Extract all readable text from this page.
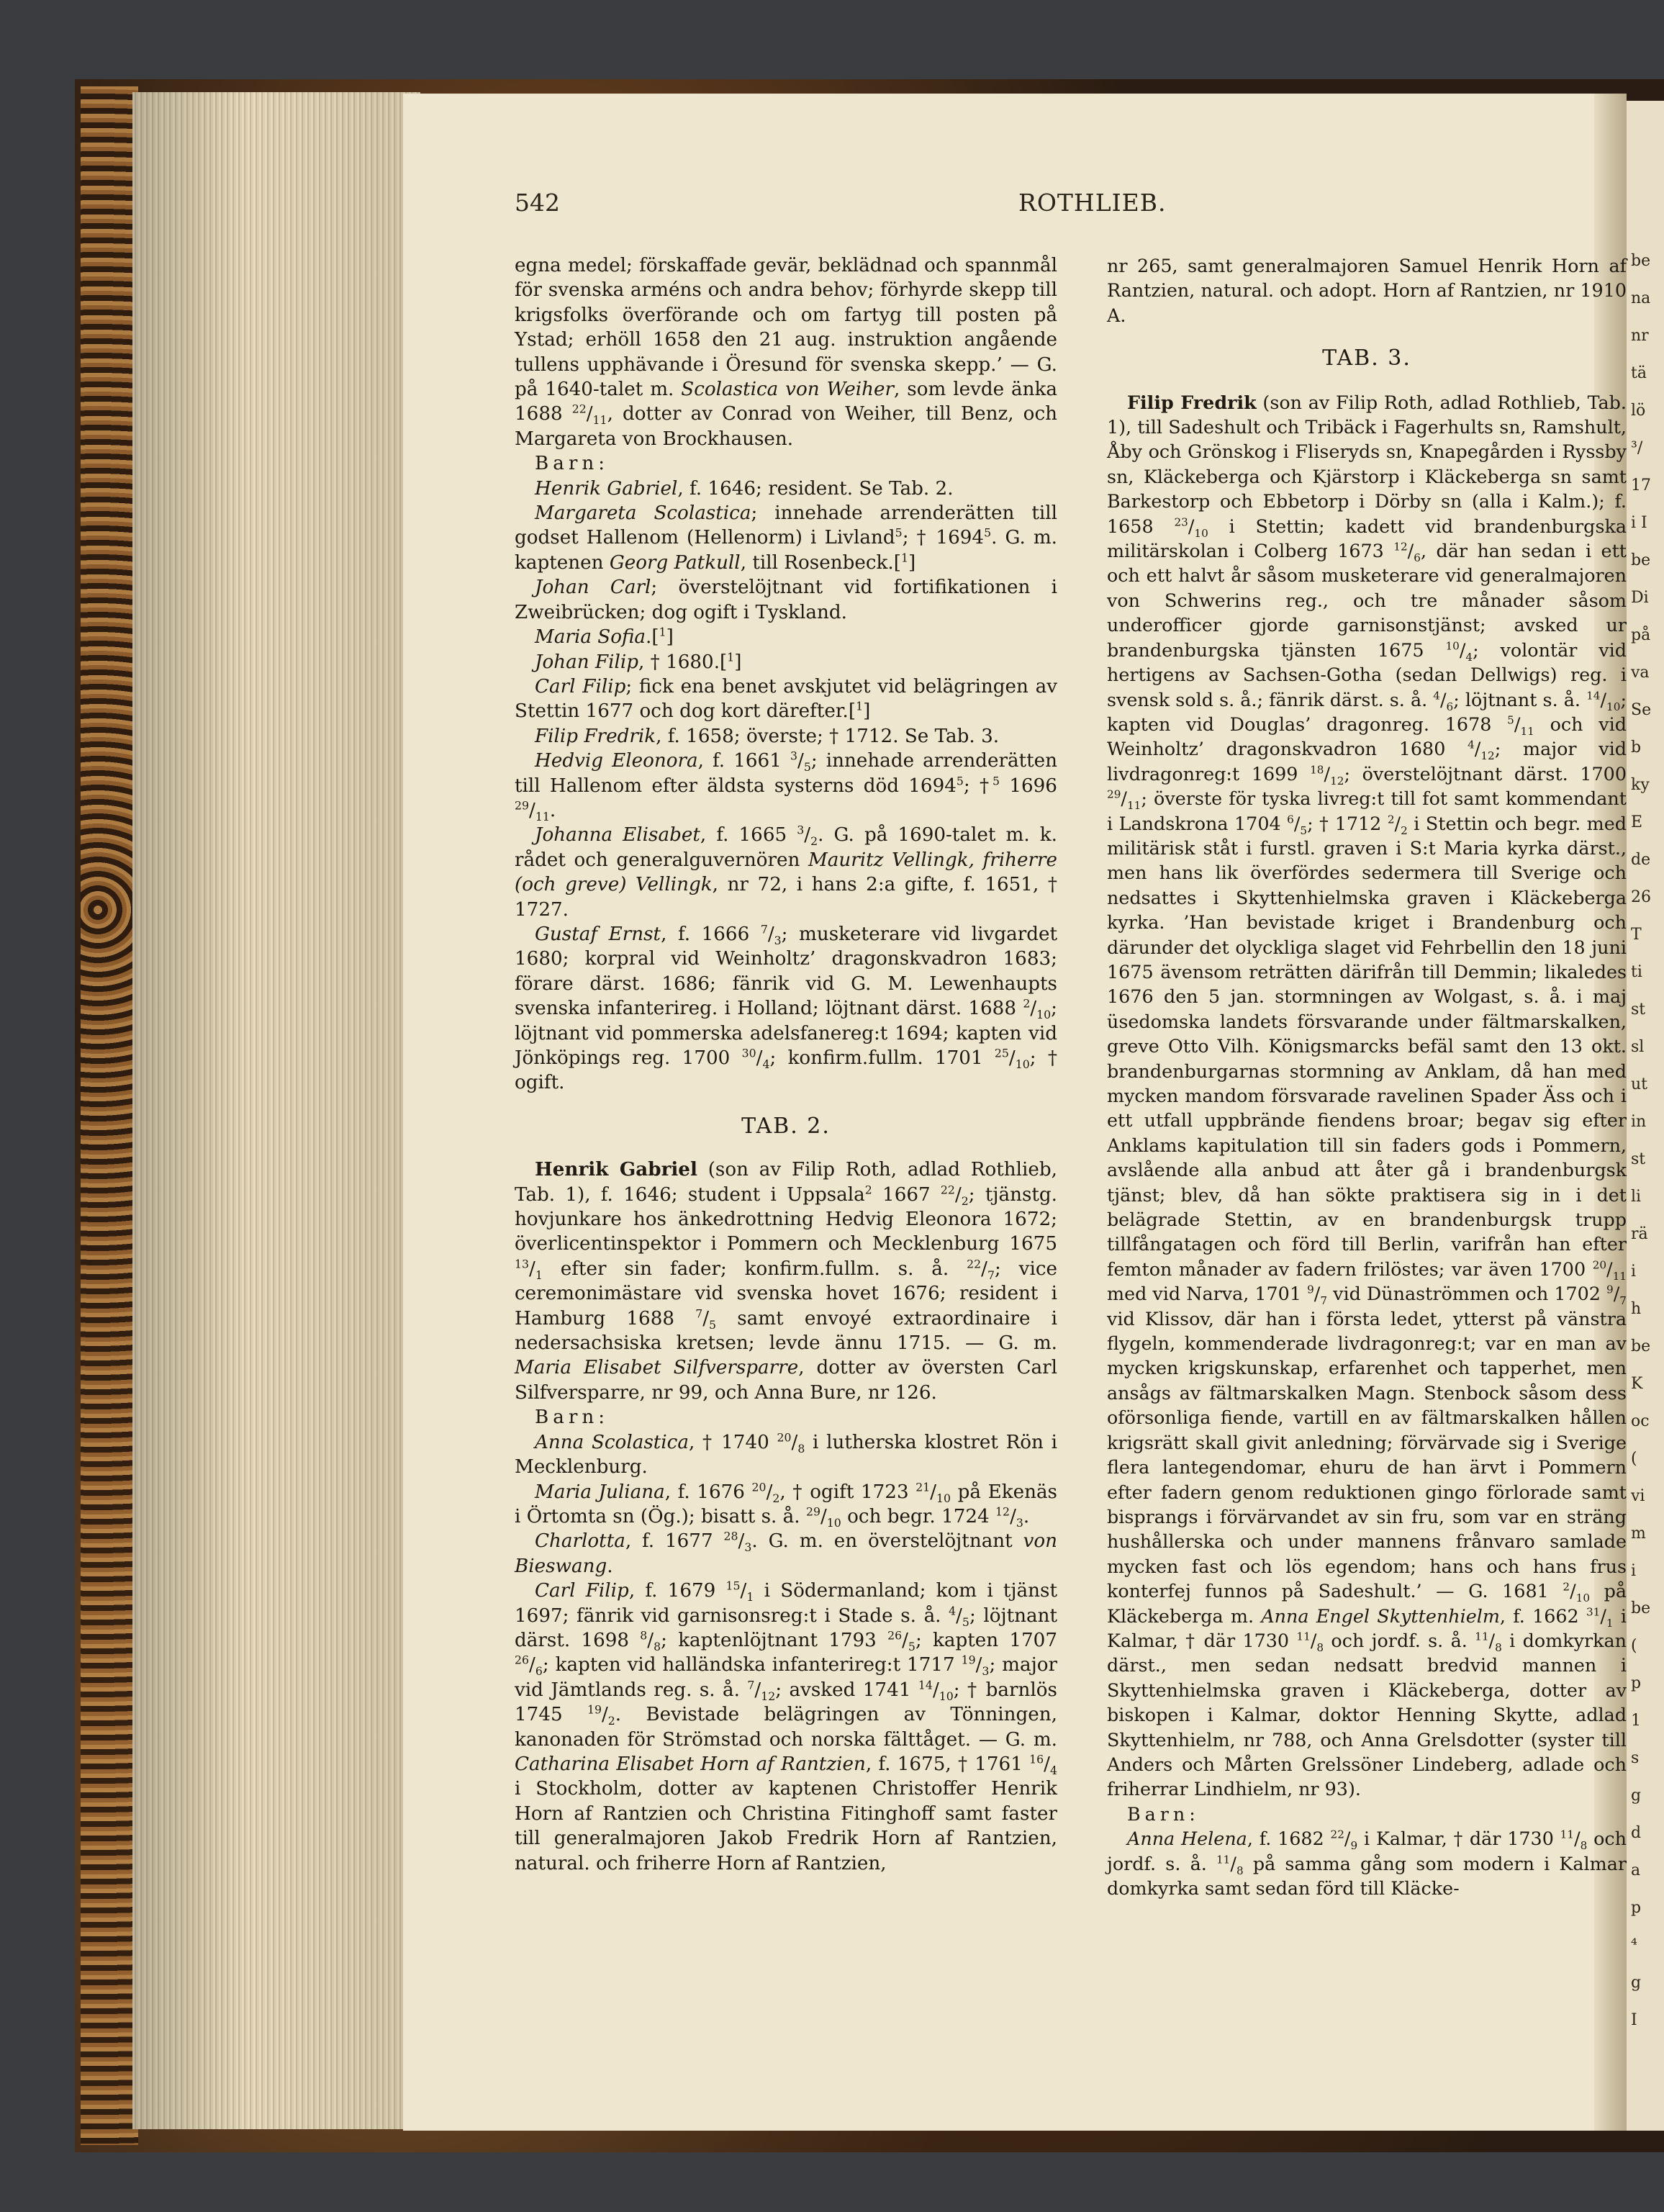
be
na
nr
tä
lö
³/
17
i I
be
Di
på
va
Se
b
ky
E
de
26
T
ti
st
sl
ut
in
st
li
rä
i
h
be
K
oc
(
vi
m
i
be
(
p
1
s
g
d
a
p
⁴
g
I
542	ROTHLIEB.

egna medel; förskaffade gevär, beklädnad och spannmål för svenska arméns och andra behov; förhyrde skepp till krigsfolks överförande och om fartyg till posten på Ystad; erhöll 1658 den 21 aug. instruktion angående tullens upphävande i Öresund för svenska skepp.’ — G. på 1640-talet m. Scolastica von Weiher, som levde änka 1688 $^{22}/_{11}$, dotter av Conrad von Weiher, till Benz, och Margareta von Brockhausen.

Barn:

Henrik Gabriel, f. 1646; resident. Se Tab. 2.

Margareta Scolastica; innehade arrenderätten till godset Hallenom (Hellenorm) i Livland$^5$; † 1694$^5$. G. m. kaptenen Georg Patkull, till Rosenbeck.[$^1$]

Johan Carl; överstelöjtnant vid fortifikationen i Zweibrücken; dog ogift i Tyskland.

Maria Sofia.[$^1$]

Johan Filip, † 1680.[$^1$]

Carl Filip; fick ena benet avskjutet vid belägringen av Stettin 1677 och dog kort därefter.[$^1$]

Filip Fredrik, f. 1658; överste; † 1712. Se Tab. 3.

Hedvig Eleonora, f. 1661 $^3/_5$; innehade arrenderätten till Hallenom efter äldsta systerns död 1694$^5$; †$^5$ 1696 $^{29}/_{11}$.

Johanna Elisabet, f. 1665 $^3/_2$. G. på 1690-talet m. k. rådet och generalguvernören Mauritz Vellingk, friherre (och greve) Vellingk, nr 72, i hans 2:a gifte, f. 1651, † 1727.

Gustaf Ernst, f. 1666 $^7/_3$; musketerare vid livgardet 1680; korpral vid Weinholtz’ dragonskvadron 1683; förare därst. 1686; fänrik vid G. M. Lewenhaupts svenska infanterireg. i Holland; löjtnant därst. 1688 $^2/_{10}$; löjtnant vid pommerska adelsfanereg:t 1694; kapten vid Jönköpings reg. 1700 $^{30}/_4$; konfirm.fullm. 1701 $^{25}/_{10}$; † ogift.

TAB. 2.

Henrik Gabriel (son av Filip Roth, adlad Rothlieb, Tab. 1), f. 1646; student i Uppsala$^2$ 1667 $^{22}/_2$; tjänstg. hovjunkare hos änkedrottning Hedvig Eleonora 1672; överlicentinspektor i Pommern och Mecklenburg 1675 $^{13}/_1$ efter sin fader; konfirm.fullm. s. å. $^{22}/_7$; vice ceremonimästare vid svenska hovet 1676; resident i Hamburg 1688 $^7/_5$ samt envoyé extraordinaire i nedersachsiska kretsen; levde ännu 1715. — G. m. Maria Elisabet Silfversparre, dotter av översten Carl Silfversparre, nr 99, och Anna Bure, nr 126.

Barn:

Anna Scolastica, † 1740 $^{20}/_8$ i lutherska klostret Rön i Mecklenburg.

Maria Juliana, f. 1676 $^{20}/_2$, † ogift 1723 $^{21}/_{10}$ på Ekenäs i Örtomta sn (Ög.); bisatt s. å. $^{29}/_{10}$ och begr. 1724 $^{12}/_3$.

Charlotta, f. 1677 $^{28}/_3$. G. m. en överstelöjtnant von Bieswang.

Carl Filip, f. 1679 $^{15}/_1$ i Södermanland; kom i tjänst 1697; fänrik vid garnisonsreg:t i Stade s. å. $^4/_5$; löjtnant därst. 1698 $^8/_8$; kaptenlöjtnant 1793 $^{26}/_5$; kapten 1707 $^{26}/_6$; kapten vid halländska infanterireg:t 1717 $^{19}/_3$; major vid Jämtlands reg. s. å. $^7/_{12}$; avsked 1741 $^{14}/_{10}$; † barnlös 1745 $^{19}/_2$. Bevistade belägringen av Tönningen, kanonaden för Strömstad och norska fälttåget. — G. m. Catharina Elisabet Horn af Rantzien, f. 1675, † 1761 $^{16}/_4$ i Stockholm, dotter av kaptenen Christoffer Henrik Horn af Rantzien och Christina Fitinghoff samt faster till generalmajoren Jakob Fredrik Horn af Rantzien, natural. och friherre Horn af Rantzien,

nr 265, samt generalmajoren Samuel Henrik Horn af Rantzien, natural. och adopt. Horn af Rantzien, nr 1910 A.

TAB. 3.

Filip Fredrik (son av Filip Roth, adlad Rothlieb, Tab. 1), till Sadeshult och Tribäck i Fagerhults sn, Ramshult, Åby och Grönskog i Fliseryds sn, Knapegården i Ryssby sn, Kläckeberga och Kjärstorp i Kläckeberga sn samt Barkestorp och Ebbetorp i Dörby sn (alla i Kalm.); f. 1658 $^{23}/_{10}$ i Stettin; kadett vid brandenburgska militärskolan i Colberg 1673 $^{12}/_6$, där han sedan i ett och ett halvt år såsom musketerare vid generalmajoren von Schwerins reg., och tre månader såsom underofficer gjorde garnisonstjänst; avsked ur brandenburgska tjänsten 1675 $^{10}/_4$; volontär vid hertigens av Sachsen-Gotha (sedan Dellwigs) reg. i svensk sold s. å.; fänrik därst. s. å. $^4/_6$; löjtnant s. å. $^{14}/_{10}$; kapten vid Douglas’ dragonreg. 1678 $^5/_{11}$ och vid Weinholtz’ dragonskvadron 1680 $^4/_{12}$; major vid livdragonreg:t 1699 $^{18}/_{12}$; överstelöjtnant därst. 1700 $^{29}/_{11}$; överste för tyska livreg:t till fot samt kommendant i Landskrona 1704 $^6/_5$; † 1712 $^2/_2$ i Stettin och begr. med militärisk ståt i furstl. graven i S:t Maria kyrka därst., men hans lik överfördes sedermera till Sverige och nedsattes i Skyttenhielmska graven i Kläckeberga kyrka. ’Han bevistade kriget i Brandenburg och därunder det olyckliga slaget vid Fehrbellin den 18 juni 1675 ävensom reträtten därifrån till Demmin; likaledes 1676 den 5 jan. stormningen av Wolgast, s. å. i maj üsedomska landets försvarande under fältmarskalken, greve Otto Vilh. Königsmarcks befäl samt den 13 okt. brandenburgarnas stormning av Anklam, då han med mycken mandom försvarade ravelinen Spader Äss och i ett utfall uppbrände fiendens broar; begav sig efter Anklams kapitulation till sin faders gods i Pommern, avslående alla anbud att åter gå i brandenburgsk tjänst; blev, då han sökte praktisera sig in i det belägrade Stettin, av en brandenburgsk trupp tillfångatagen och förd till Berlin, varifrån han efter femton månader av fadern frilöstes; var även 1700 $^{20}/_{11}$ med vid Narva, 1701 $^9/_7$ vid Dünaströmmen och 1702 $^9/_7$ vid Klissov, där han i första ledet, ytterst på vänstra flygeln, kommenderade livdragonreg:t; var en man av mycken krigskunskap, erfarenhet och tapperhet, men ansågs av fältmarskalken Magn. Stenbock såsom dess oförsonliga fiende, vartill en av fältmarskalken hållen krigsrätt skall givit anledning; förvärvade sig i Sverige flera lantegendomar, ehuru de han ärvt i Pommern efter fadern genom reduktionen gingo förlorade samt bisprangs i förvärvandet av sin fru, som var en sträng hushållerska och under mannens frånvaro samlade mycken fast och lös egendom; hans och hans frus konterfej funnos på Sadeshult.’ — G. 1681 $^2/_{10}$ på Kläckeberga m. Anna Engel Skyttenhielm, f. 1662 $^{31}/_1$ i Kalmar, † där 1730 $^{11}/_8$ och jordf. s. å. $^{11}/_8$ i domkyrkan därst., men sedan nedsatt bredvid mannen i Skyttenhielmska graven i Kläckeberga, dotter av biskopen i Kalmar, doktor Henning Skytte, adlad Skyttenhielm, nr 788, och Anna Grelsdotter (syster till Anders och Mårten Grelssöner Lindeberg, adlade och friherrar Lindhielm, nr 93).

Barn:

Anna Helena, f. 1682 $^{22}/_9$ i Kalmar, † där 1730 $^{11}/_8$ och jordf. s. å. $^{11}/_8$ på samma gång som modern i Kalmar domkyrka samt sedan förd till Kläcke-
